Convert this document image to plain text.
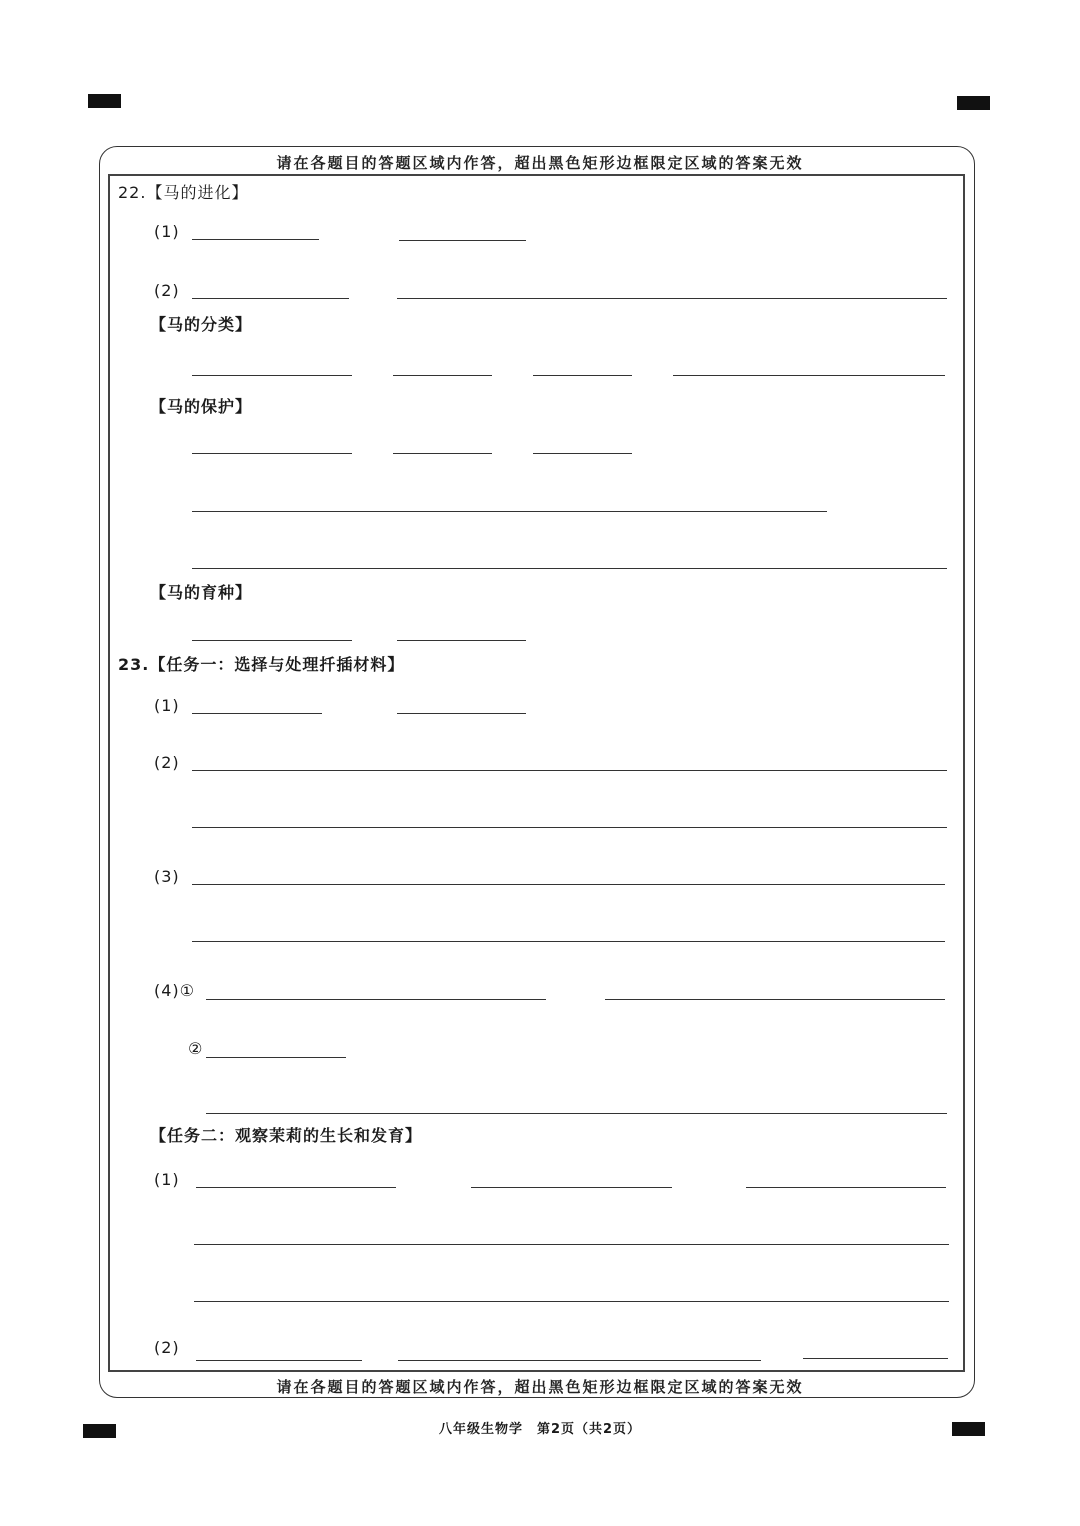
请在各题目的答题区域内作答，超出黑色矩形边框限定区域的答案无效
请在各题目的答题区域内作答，超出黑色矩形边框限定区域的答案无效
22.【马的进化】
(1)
(2)
【马的分类】
【马的保护】
【马的育种】
23.【任务一：选择与处理扦插材料】
(1)
(2)
(3)
(4)①
②
【任务二：观察茉莉的生长和发育】
(1)
(2)
八年级生物学　第2页（共2页）
